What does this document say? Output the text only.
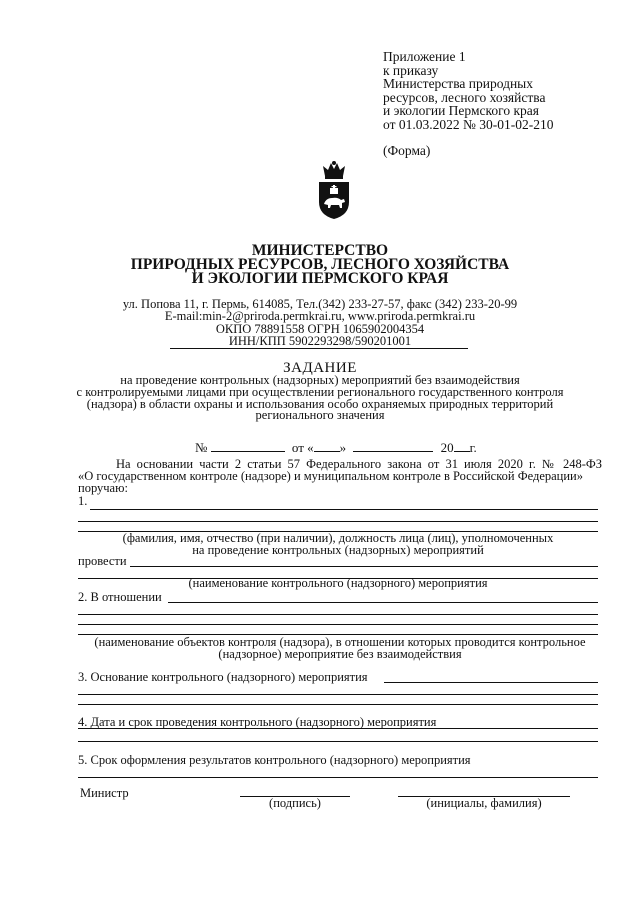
Приложение 1
к приказу
Министерства природных
ресурсов, лесного хозяйства
и экологии Пермского края
от 01.03.2022 № 30-01-02-210
(Форма)
МИНИСТЕРСТВО
ПРИРОДНЫХ РЕСУРСОВ, ЛЕСНОГО ХОЗЯЙСТВА
И ЭКОЛОГИИ ПЕРМСКОГО КРАЯ
ул. Попова 11, г. Пермь, 614085, Тел.(342) 233-27-57, факс (342) 233-20-99
E-mail:min-2@priroda.permkrai.ru, www.priroda.permkrai.ru
ОКПО 78891558 ОГРН 1065902004354
ИНН/КПП 5902293298/590201001
ЗАДАНИЕ
на проведение контрольных (надзорных) мероприятий без взаимодействия
с контролируемыми лицами при осуществлении регионального государственного контроля
(надзора) в области охраны и использования особо охраняемых природных территорий
регионального значения
№	от « »	20 г.
На основании части 2 статьи 57 Федерального закона от 31 июля 2020 г. № 248-ФЗ
«О государственном контроле (надзоре) и муниципальном контроле в Российской Федерации»
поручаю:
1.
(фамилия, имя, отчество (при наличии), должность лица (лиц), уполномоченных
на проведение контрольных (надзорных) мероприятий
провести
(наименование контрольного (надзорного) мероприятия
2. В отношении
(наименование объектов контроля (надзора), в отношении которых проводится контрольное
(надзорное) мероприятие без взаимодействия
3. Основание контрольного (надзорного) мероприятия
4. Дата и срок проведения контрольного (надзорного) мероприятия
5. Срок оформления результатов контрольного (надзорного) мероприятия
Министр
(подпись)	(инициалы, фамилия)
